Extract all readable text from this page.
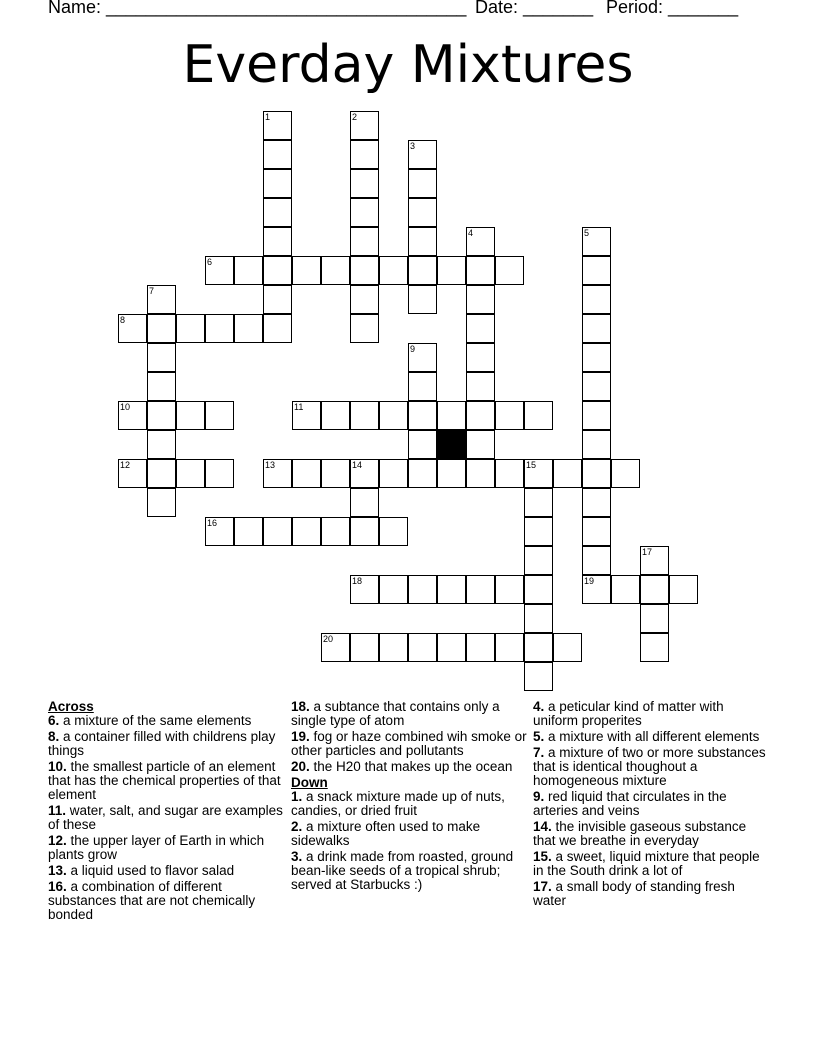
Name: ____________________________________ Date: _______ Period: _______
Everday Mixtures
1	2
3
4	5
6
7
8
9
10	11
12	13	14	15
16
17
18	19
20

Across

6. a mixture of the same elements

8. a container filled with childrens play things

10. the smallest particle of an element that has the chemical properties of that element

11. water, salt, and sugar are examples of these

12. the upper layer of Earth in which plants grow

13. a liquid used to flavor salad

16. a combination of different substances that are not chemically bonded

18. a subtance that contains only a single type of atom

19. fog or haze combined wih smoke or other particles and pollutants

20. the H20 that makes up the ocean

Down

1. a snack mixture made up of nuts, candies, or dried fruit

2. a mixture often used to make sidewalks

3. a drink made from roasted, ground bean-like seeds of a tropical shrub; served at Starbucks :)

4. a peticular kind of matter with uniform properites

5. a mixture with all different elements

7. a mixture of two or more substances that is identical thoughout a homogeneous mixture

9. red liquid that circulates in the arteries and veins

14. the invisible gaseous substance that we breathe in everyday

15. a sweet, liquid mixture that people in the South drink a lot of

17. a small body of standing fresh water
